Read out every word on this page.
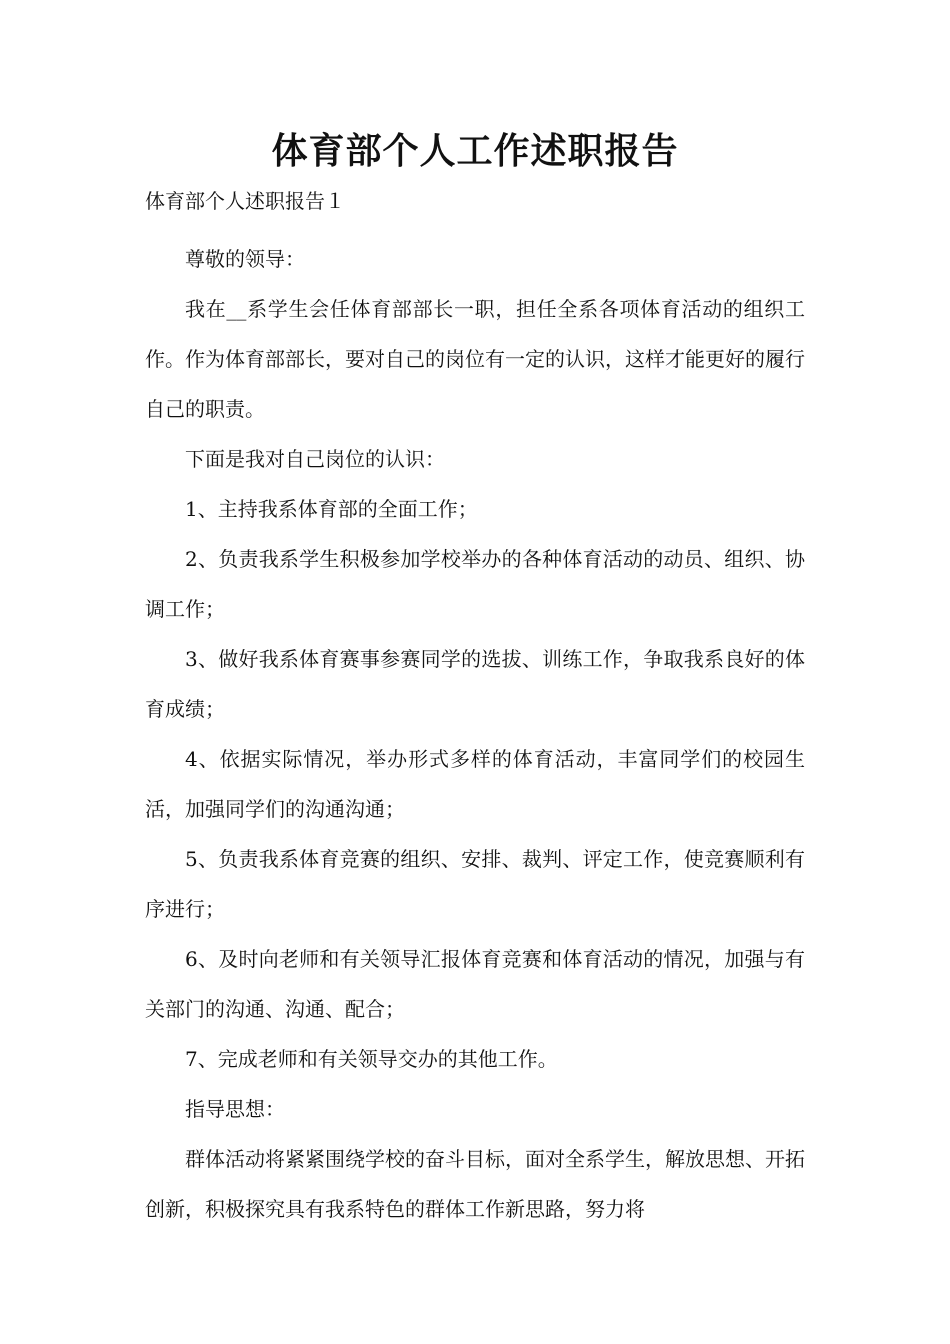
体育部个人工作述职报告

体育部个人述职报告１

尊敬的领导：

我在__系学生会任体育部部长一职，担任全系各项体育活动的组织工作。作为体育部部长，要对自己的岗位有一定的认识，这样才能更好的履行自己的职责。

下面是我对自己岗位的认识：

1、主持我系体育部的全面工作；

2、负责我系学生积极参加学校举办的各种体育活动的动员、组织、协调工作；

3、做好我系体育赛事参赛同学的选拔、训练工作，争取我系良好的体育成绩；

4、依据实际情况，举办形式多样的体育活动，丰富同学们的校园生活，加强同学们的沟通沟通；

5、负责我系体育竞赛的组织、安排、裁判、评定工作，使竞赛顺利有序进行；

6、及时向老师和有关领导汇报体育竞赛和体育活动的情况，加强与有关部门的沟通、沟通、配合；

7、完成老师和有关领导交办的其他工作。

指导思想：

群体活动将紧紧围绕学校的奋斗目标，面对全系学生，解放思想、开拓创新，积极探究具有我系特色的群体工作新思路，努力将
